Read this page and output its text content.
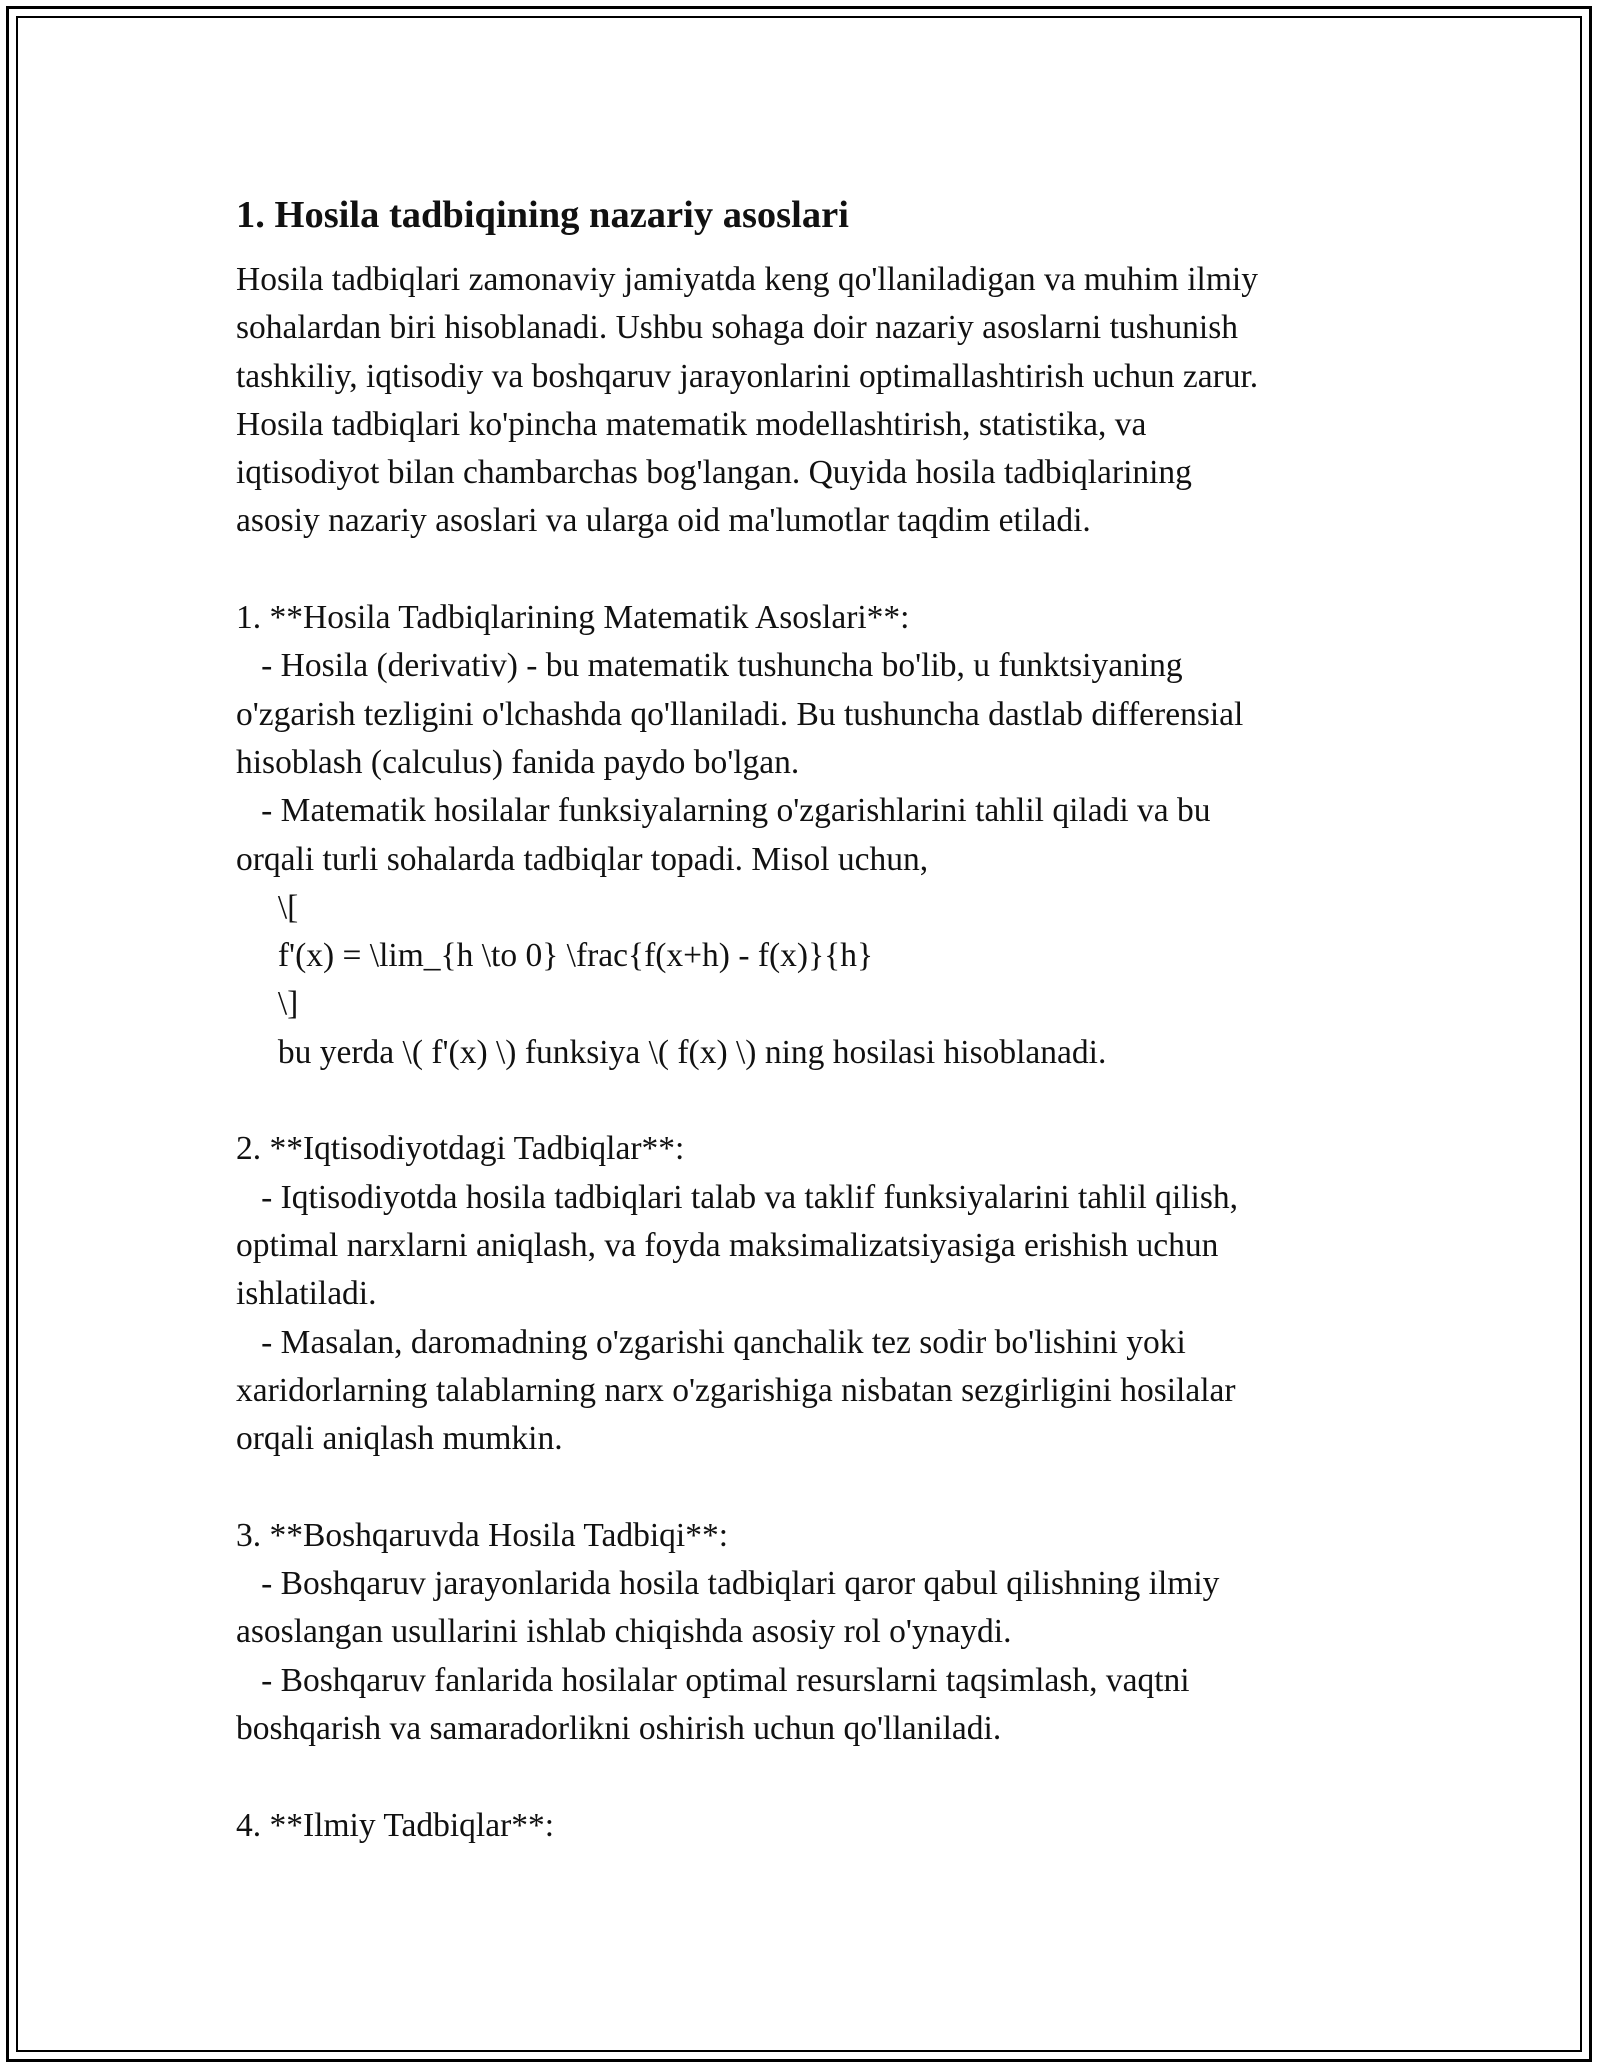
1. Hosila tadbiqining nazariy asoslari
Hosila tadbiqlari zamonaviy jamiyatda keng qo'llaniladigan va muhim ilmiy
sohalardan biri hisoblanadi. Ushbu sohaga doir nazariy asoslarni tushunish
tashkiliy, iqtisodiy va boshqaruv jarayonlarini optimallashtirish uchun zarur.
Hosila tadbiqlari ko'pincha matematik modellashtirish, statistika, va
iqtisodiyot bilan chambarchas bog'langan. Quyida hosila tadbiqlarining
asosiy nazariy asoslari va ularga oid ma'lumotlar taqdim etiladi.
1. **Hosila Tadbiqlarining Matematik Asoslari**:
- Hosila (derivativ) - bu matematik tushuncha bo'lib, u funktsiyaning
o'zgarish tezligini o'lchashda qo'llaniladi. Bu tushuncha dastlab differensial
hisoblash (calculus) fanida paydo bo'lgan.
- Matematik hosilalar funksiyalarning o'zgarishlarini tahlil qiladi va bu
orqali turli sohalarda tadbiqlar topadi. Misol uchun,
\[
f'(x) = \lim_{h \to 0} \frac{f(x+h) - f(x)}{h}
\]
bu yerda \( f'(x) \) funksiya \( f(x) \) ning hosilasi hisoblanadi.
2. **Iqtisodiyotdagi Tadbiqlar**:
- Iqtisodiyotda hosila tadbiqlari talab va taklif funksiyalarini tahlil qilish,
optimal narxlarni aniqlash, va foyda maksimalizatsiyasiga erishish uchun
ishlatiladi.
- Masalan, daromadning o'zgarishi qanchalik tez sodir bo'lishini yoki
xaridorlarning talablarning narx o'zgarishiga nisbatan sezgirligini hosilalar
orqali aniqlash mumkin.
3. **Boshqaruvda Hosila Tadbiqi**:
- Boshqaruv jarayonlarida hosila tadbiqlari qaror qabul qilishning ilmiy
asoslangan usullarini ishlab chiqishda asosiy rol o'ynaydi.
- Boshqaruv fanlarida hosilalar optimal resurslarni taqsimlash, vaqtni
boshqarish va samaradorlikni oshirish uchun qo'llaniladi.
4. **Ilmiy Tadbiqlar**:
